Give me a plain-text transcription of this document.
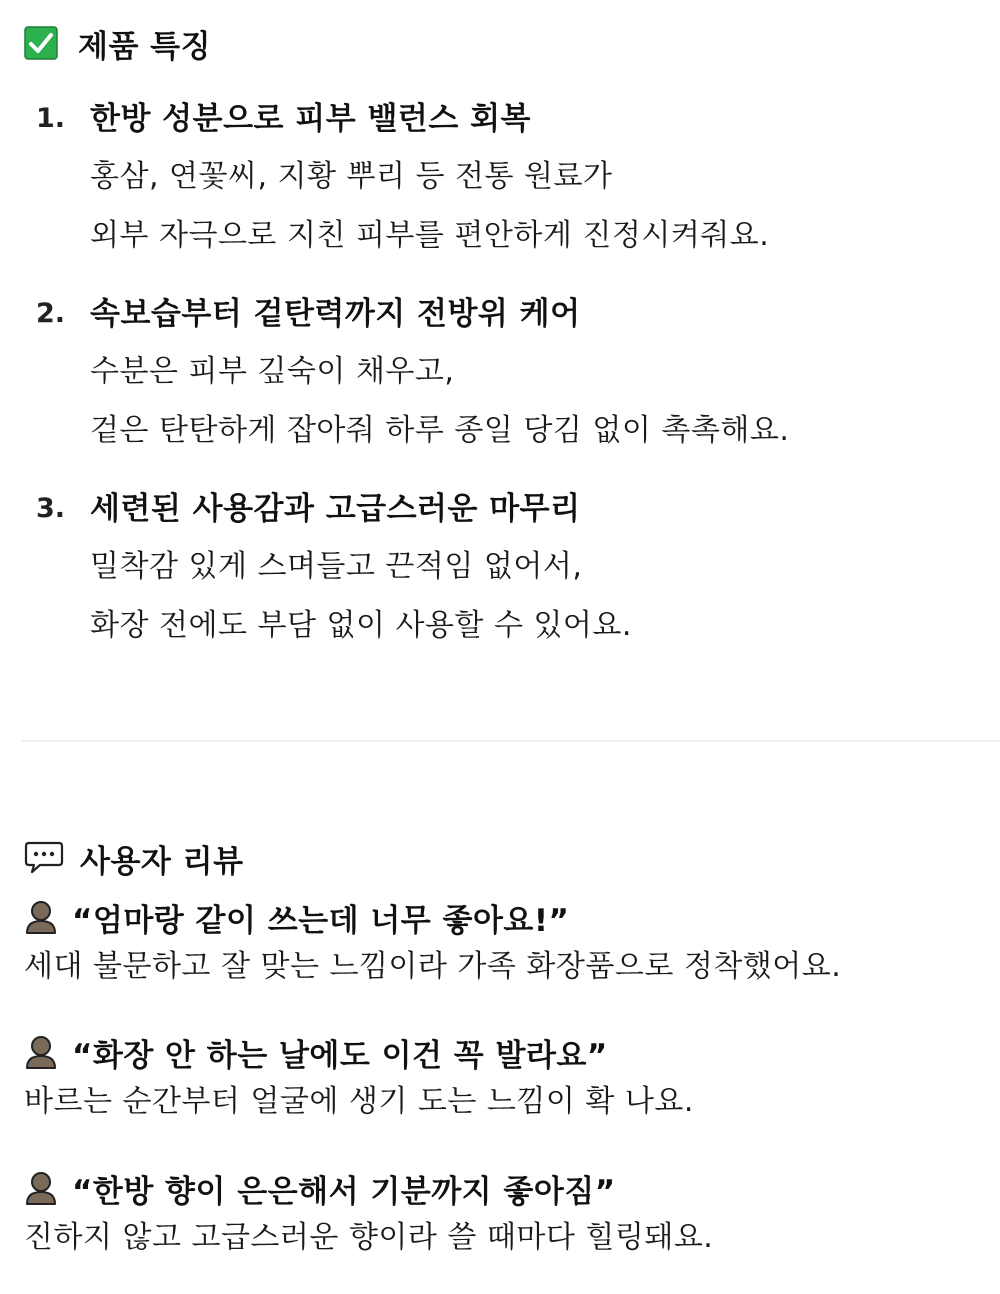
제품 특징
1. 한방 성분으로 피부 밸런스 회복
홍삼, 연꽃씨, 지황 뿌리 등 전통 원료가
외부 자극으로 지친 피부를 편안하게 진정시켜줘요.
2. 속보습부터 겉탄력까지 전방위 케어
수분은 피부 깊숙이 채우고,
겉은 탄탄하게 잡아줘 하루 종일 당김 없이 촉촉해요.
3. 세련된 사용감과 고급스러운 마무리
밀착감 있게 스며들고 끈적임 없어서,
화장 전에도 부담 없이 사용할 수 있어요.
사용자 리뷰
“엄마랑 같이 쓰는데 너무 좋아요!”
세대 불문하고 잘 맞는 느낌이라 가족 화장품으로 정착했어요.
“화장 안 하는 날에도 이건 꼭 발라요”
바르는 순간부터 얼굴에 생기 도는 느낌이 확 나요.
“한방 향이 은은해서 기분까지 좋아짐”
진하지 않고 고급스러운 향이라 쓸 때마다 힐링돼요.
